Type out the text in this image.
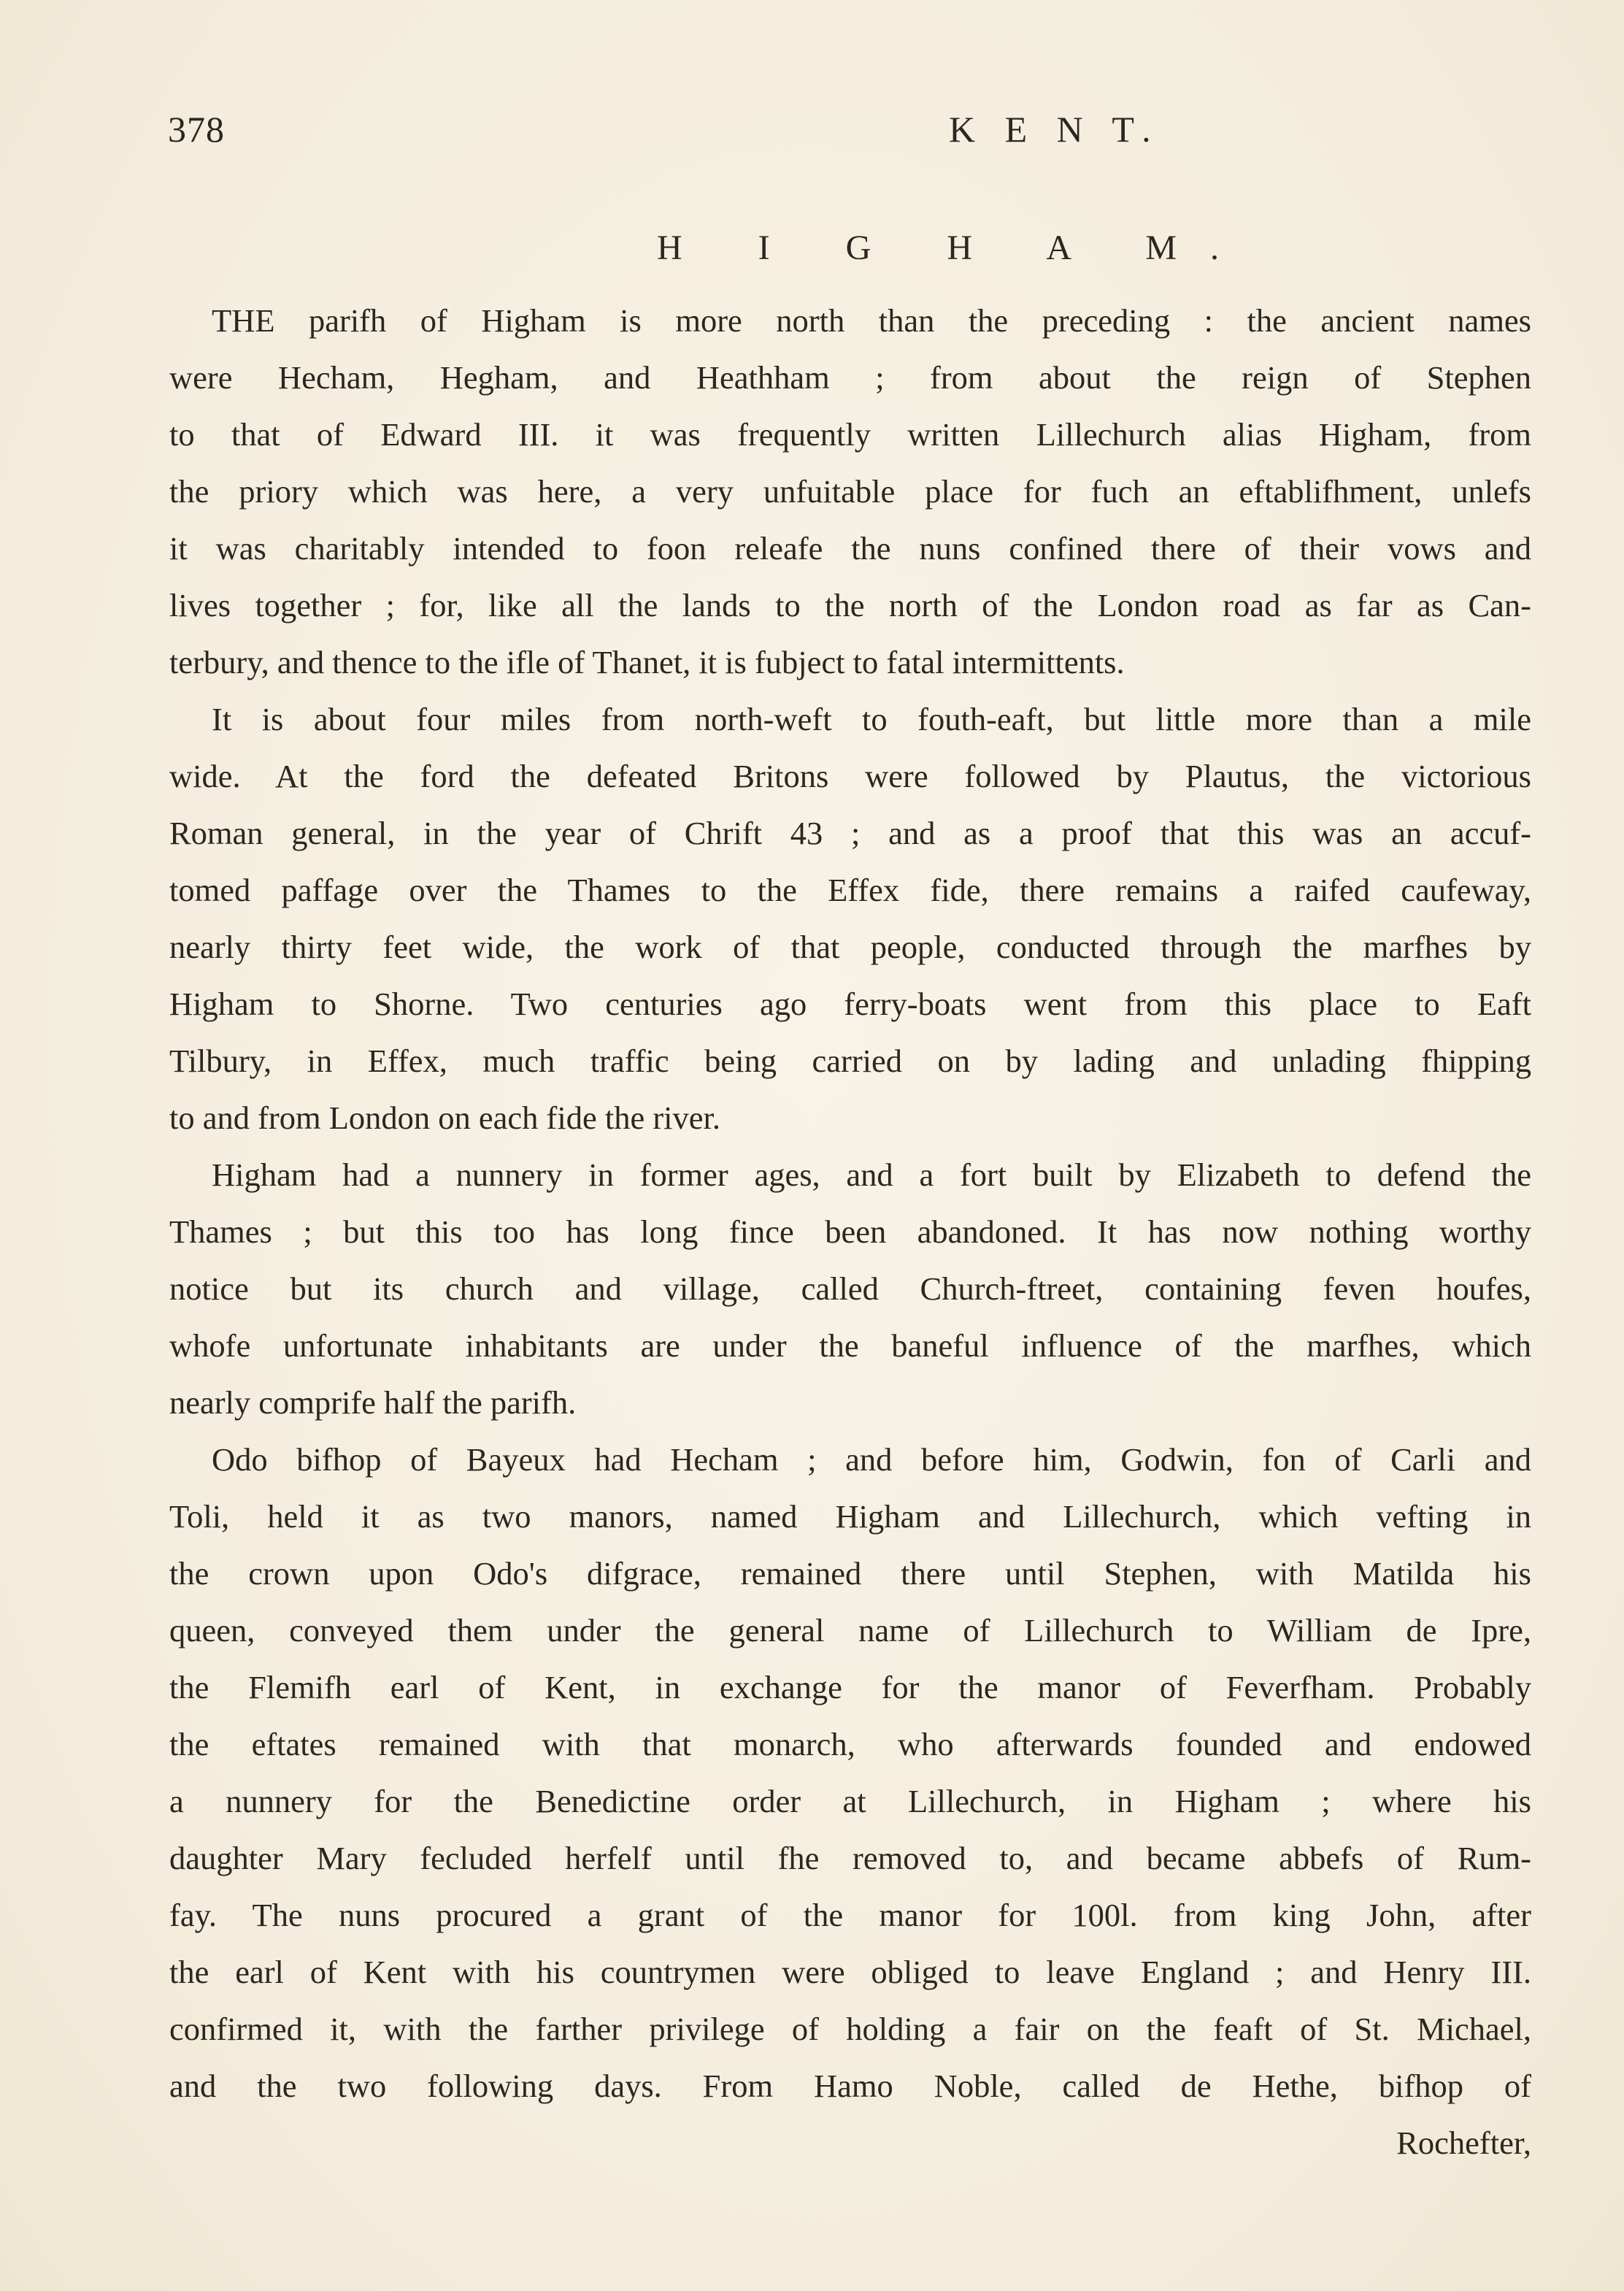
378	K E N T.
H I G H A M.
THE parifh of Higham is more north than the preceding : the ancient names
were Hecham, Hegham, and Heathham ; from about the reign of Stephen
to that of Edward III. it was frequently written Lillechurch alias Higham, from
the priory which was here, a very unfuitable place for fuch an eftablifhment, unlefs
it was charitably intended to foon releafe the nuns confined there of their vows and
lives together ; for, like all the lands to the north of the London road as far as Can-
terbury, and thence to the ifle of Thanet, it is fubject to fatal intermittents.
It is about four miles from north-weft to fouth-eaft, but little more than a mile
wide. At the ford the defeated Britons were followed by Plautus, the victorious
Roman general, in the year of Chrift 43 ; and as a proof that this was an accuf-
tomed paffage over the Thames to the Effex fide, there remains a raifed caufeway,
nearly thirty feet wide, the work of that people, conducted through the marfhes by
Higham to Shorne. Two centuries ago ferry-boats went from this place to Eaft
Tilbury, in Effex, much traffic being carried on by lading and unlading fhipping
to and from London on each fide the river.
Higham had a nunnery in former ages, and a fort built by Elizabeth to defend the
Thames ; but this too has long fince been abandoned. It has now nothing worthy
notice but its church and village, called Church-ftreet, containing feven houfes,
whofe unfortunate inhabitants are under the baneful influence of the marfhes, which
nearly comprife half the parifh.
Odo bifhop of Bayeux had Hecham ; and before him, Godwin, fon of Carli and
Toli, held it as two manors, named Higham and Lillechurch, which vefting in
the crown upon Odo's difgrace, remained there until Stephen, with Matilda his
queen, conveyed them under the general name of Lillechurch to William de Ipre,
the Flemifh earl of Kent, in exchange for the manor of Feverfham. Probably
the eftates remained with that monarch, who afterwards founded and endowed
a nunnery for the Benedictine order at Lillechurch, in Higham ; where his
daughter Mary fecluded herfelf until fhe removed to, and became abbefs of Rum-
fay. The nuns procured a grant of the manor for 100l. from king John, after
the earl of Kent with his countrymen were obliged to leave England ; and Henry III.
confirmed it, with the farther privilege of holding a fair on the feaft of St. Michael,
and the two following days. From Hamo Noble, called de Hethe, bifhop of
Rochefter,
